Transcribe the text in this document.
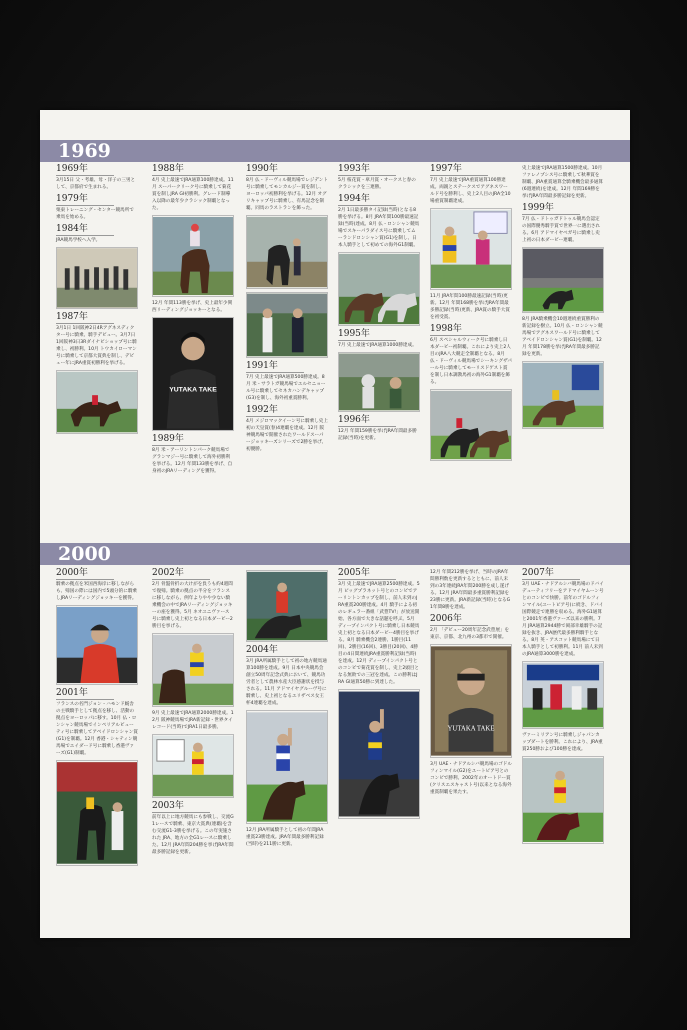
1969

1969年

3月15日 父・考雄、母・洋子の三男として、京都府で生まれる。

1979年

栗東トレーニング・センター競馬所で乗馬を始める。

1984年

JRA競馬学校へ入学。

1987年

3月1日 1回阪神2日4Rアグネスディクター号に騎乗、騎手デビュー。3月7日 1回阪神3日3Rダイナビショップ号に騎乗し、初勝利。10月 トウカイローマン号に騎乗して京都大賞典を制し、デビュー年にJRA重賞初勝利を挙げる。

1988年

4月 史上最速でJRA通算100勝達成。11月 スーパークリーク号に騎乗して菊花賞を制しJRA GⅠ初勝利。グレード制導入以降の最年少クラシック制覇となった。

12月 年間113勝を挙げ、史上最年少関西リーディングジョッキーとなる。

YUTAKA TAKE

1989年

8月 米・アーリントンパーク競馬場でグランマジー号に騎乗して海外初勝利を挙げる。12月 年間133勝を挙げ、自身初のJRAリーディングを獲得。

1990年

8月 仏・ドーヴィル競馬場でレジデント号に騎乗してモンカルジー賞を制し、ヨーロッパ初勝利を挙げる。12月 オグリキャップ号に騎乗し、有馬記念を制覇。同馬のラストランを飾った。

1991年

7月 史上最速でJRA通算500勝達成。8月 米・サラトガ競馬場でエルセニョール号に騎乗してセネカハンデキャップ(G3)を制し、海外初重賞勝利。

1992年

4月 メジロマックイーン号に騎乗し史上初の天皇賞(春)4連覇を達成。12月 阪神競馬場で開催されたワールドスーパージョッキーズシリーズで2勝を挙げ、初優勝。

1993年

5月 桜花賞・皐月賞・オークスと春のクラシックを三連勝。

1994年

2月 1日最多勝タイ記録(当時)となる8勝を挙げる。8月 JRA年間100勝最速記録(当時)達成。8月 仏・ロンシャン競馬場でスキーパラダイス号に騎乗してムーランドロンシャン賞(G1)を制し、日本人騎手として初めての海外G1制覇。

1995年

7月 史上最速でJRA通算1000勝達成。

1996年

12月 年間159勝を挙げJRA年間最多勝記録(当時)を更新。

1997年

7月 史上最速でJRA重賞通算100勝達成。両親とステークスでアグネスワールド号を勝利し、史上2人目のJRA全10場重賞制覇達成。

11月 JRA年間100勝最速記録(当時)更新。12月 年間168勝を挙げJRA年間最多勝記録(当時)更新、JRA賞の騎手大賞を初受賞。

1998年

6月 スペシャルウィーク号に騎乗し日本ダービー初制覇。これにより史上2人目のJRA八大競走全制覇となる。8月 仏・ドーヴィル競馬場でシーキングザパール号に騎乗してモーリスドゲスト賞を制し日本調教馬初の海外G1制覇を飾る。

史上最速でJRA通算1500勝達成。10月 ファレノプシス号に騎乗して秋華賞を制覇、JRA重賞通算全騎乗機会最多通算(6週連続)を達成。12月 年間169勝を挙げJRA年間最多勝記録を更新。

1999年

7月 仏・ドトゥガドトゥル競馬会認定の国際優秀騎手賞で世界一に選出される。6月 アドマイヤベガ号に騎乗し史上初の日本ダービー連覇。

8月 JRA騎乗機会10週連続重賞勝利の新記録を樹立。10月 仏・ロンシャン競馬場でアグネスワールド号に騎乗してアベイドロンシャン賞(G1)を制覇。12月 年間178勝を挙げJRA年間最多勝記録を更新。

2000

2000年

騎乗の拠点を米国西海岸に移しながらも、帰国の際には国内で5頭分的に騎乗しJRAリーディングジョッキーを獲得。

2001年

フランスの名門ジョン・ハモンド厩舎の主戦騎手として拠点を移し、活動の拠点をヨーロッパに移す。10月 仏・ロンシャン競馬場でインペリアルビューティ号に騎乗してアベイドロンシャン賞(G1)を制覇。12月 香港・シャティン競馬場でエイダード号に騎乗し香港ヴァーズ(G1)制覇。

2002年

2月 骨盤骨折の大けがを負うも約4週間で復帰。騎乗の拠点の半分をフランスに移しながら、例年よりやや少ない騎乗機会の中でJRAリーディングジョッキーの座を獲得。5月 ネオユニヴァース号に騎乗し史上初となる日本ダービー2勝目を挙げる。

9月 史上最速でJRA通算2000勝達成。12月 阪神競馬場でJRA新記録・世界タイレコード(当時)でJRA1日最多勝。

2003年

前年以上に地方競馬にも参戦し、交流G1レースで騎乗、東京大賞典(連覇)を含む交流G1-3勝を挙げる。この年実施された JRA、地方の全G1レースに騎乗した。12月 JRA年間204勝を挙げJRA年間最多勝記録を更新。

2004年

3月 JRA所属騎手として初の地方競馬通算100勝を達成。9月 日本中央競馬会創立50周年記念式典において、競馬功労者として農林水産大臣感謝状を授与される。11月 アドマイヤグルーヴ号に騎乗し、史上初となるエリザベス女王杯4連覇を達成。

12月 JRA所属騎手として初の年間JRA重賞23勝達成。JRA年間最多勝利記録(当時)を211勝に更新。

2005年

3月 史上最速でJRA通算2500勝達成。5月 ピッグプラネット号とのコンビでアーリントンカップを制し、前人未到のJRA重賞200勝達成。4月 騎手による初のレギュラー番組「武豊TV!」が放送開始、各方面で大きな話題を呼ぶ。5月 ディープインパクト号に騎乗し日本競馬史上初となる日本ダービー4勝目を挙げる。8月 騎乗機会2連勝、1勝目(11回)、2勝目(16回)、3勝目(20回)、4勝目の4日間連続JRA重賞勝利記録(当時)を達成。12月 ディープインパクト号とのコンビで菊花賞を制し、史上2頭目となる無敗での三冠を達成。この勝利はJRA GⅠ通算50勝に到達した。

12月 年間212勝を挙げ、当時のJRA年間勝利数を更新するとともに、前人未到の3年連続JRA年間200勝を成し遂げる。12月 JRA年間最多重賞勝利記録を23勝に更新。JRA新記録(当時)となるG1年間8勝を達成。

2006年

2月 「デビュー20周年記念武豊展」を東京、京都、北九州の3都市で開催。

YUTAKA TAKE

3月 UAE・ナドアルシバ競馬場のゴドルフィンマイル(G2)をユートピア号とのコンビで勝利、2002年のオートドー賞(クリスエスキャスト号)以来となる海外重賞制覇を果たす。

2007年

3月 UAE・ナドアルシバ競馬場のドバイデューティフリーをアドマイヤムーン号とのコンビで快勝。前年のゴドルフィンマイル(ユートピア号)に続き、ドバイ国際競走で連勝を収める。海外G1通算と2001年香港ヴァーズ以来の勝利。7月 JRA通算2944勝で岡部幸雄騎手の記録を抜き、JRA歴代最多勝利騎手となる。8月 英・アスコット競馬場にて日本人騎手として初勝利。11月 前人未到のJRA通算3000勝を達成。

ヴァーミリアン号に騎乗しジャパンカップダートを勝利。これにより、JRA重賞250勝および100勝を達成。
